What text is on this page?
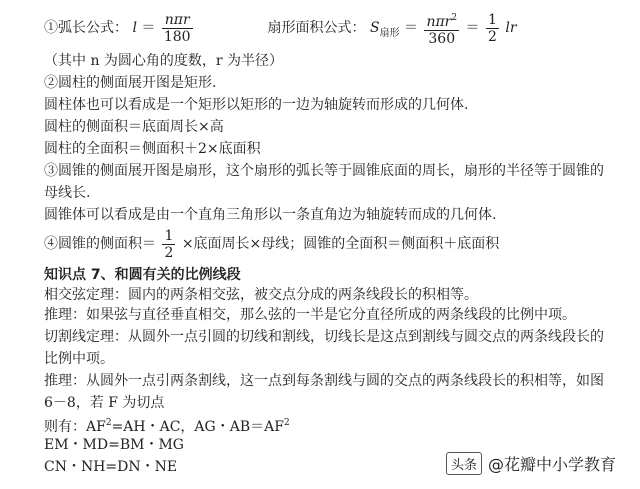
①弧长公式： $l = \frac{\text{nπr}}{180}$	扇形面积公式： $S_{扇形} = \frac{n\pi r^2}{360} = \frac{1}{2}$ lr
（其中 n 为圆心角的度数，r 为半径）
②圆柱的侧面展开图是矩形.
圆柱体也可以看成是一个矩形以矩形的一边为轴旋转而形成的几何体.
圆柱的侧面积＝底面周长×高
圆柱的全面积＝侧面积＋2×底面积
③圆锥的侧面展开图是扇形，这个扇形的弧长等于圆锥底面的周长，扇形的半径等于圆锥的母线长.
圆锥体可以看成是由一个直角三角形以一条直角边为轴旋转而成的几何体.
④圆锥的侧面积＝ $\frac{1}{2}$ ×底面周长×母线；圆锥的全面积＝侧面积＋底面积
知识点 7、和圆有关的比例线段
相交弦定理：圆内的两条相交弦，被交点分成的两条线段长的积相等。
推理：如果弦与直径垂直相交，那么弦的一半是它分直径所成的两条线段的比例中项。
切割线定理：从圆外一点引圆的切线和割线，切线长是这点到割线与圆交点的两条线段长的比例中项。
推理：从圆外一点引两条割线，这一点到每条割线与圆的交点的两条线段长的积相等，如图 6－8，若 F 为切点
则有：$AF^2=AH$・AC，AG・$AB=AF^2$
EM・MD=BM・MG
CN・NH=DN・NE	头条 @花瓣中小学教育
